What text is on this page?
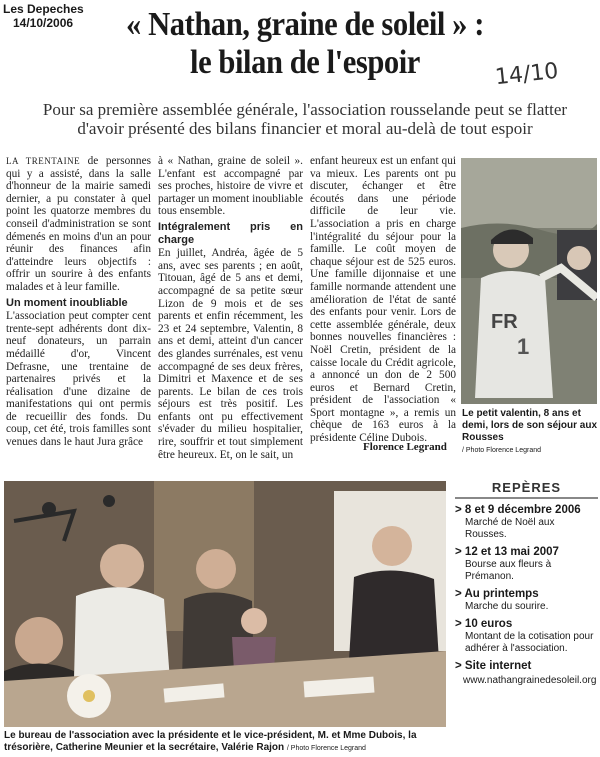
Les Depeches
14/10/2006	« Nathan, graine de soleil » :
le bilan de l'espoir	14/10
Pour sa première assemblée générale, l'association rousselande peut se flatter d'avoir présenté des bilans financier et moral au-delà de tout espoir

LA TRENTAINE de personnes qui y a assisté, dans la salle d'honneur de la mairie samedi dernier, a pu constater à quel point les quatorze membres du conseil d'administration se sont démenés en moins d'un an pour réunir des finances afin d'atteindre leurs objectifs : offrir un sourire à des enfants malades et à leur famille.

Un moment inoubliable

L'association peut compter cent trente-sept adhérents dont dix-neuf donateurs, un parrain médaillé d'or, Vincent Defrasne, une trentaine de partenaires privés et la réalisation d'une dizaine de manifestations qui ont permis de recueillir des fonds. Du coup, cet été, trois familles sont venues dans le haut Jura grâce

à « Nathan, graine de soleil ». L'enfant est accompagné par ses proches, histoire de vivre et partager un moment inoubliable tous ensemble.

Intégralement pris en charge

En juillet, Andréa, âgée de 5 ans, avec ses parents ; en août, Titouan, âgé de 5 ans et demi, accompagné de sa petite sœur Lizon de 9 mois et de ses parents et enfin récemment, les 23 et 24 septembre, Valentin, 8 ans et demi, atteint d'un cancer des glandes surrénales, est venu accompagné de ses deux frères, Dimitri et Maxence et de ses parents. Le bilan de ces trois séjours est très positif. Les enfants ont pu effectivement s'évader du milieu hospitalier, rire, souffrir et tout simplement être heureux. Et, on le sait, un

enfant heureux est un enfant qui va mieux. Les parents ont pu discuter, échanger et être écoutés dans une période difficile de leur vie. L'association a pris en charge l'intégralité du séjour pour la famille. Le coût moyen de chaque séjour est de 525 euros. Une famille dijonnaise et une famille normande attendent une amélioration de l'état de santé des enfants pour venir. Lors de cette assemblée générale, deux bonnes nouvelles financières : Noël Cretin, président de la caisse locale du Crédit agricole, a annoncé un don de 2 500 euros et Bernard Cretin, président de l'association « Sport montagne », a remis un chèque de 163 euros à la présidente Céline Dubois.

Florence Legrand
FR
1
Le petit valentin, 8 ans et demi, lors de son séjour aux Rousses
/ Photo Florence Legrand
Le bureau de l'association avec la présidente et le vice-président, M. et Mme Dubois, la trésorière, Catherine Meunier et la secrétaire, Valérie Rajon / Photo Florence Legrand
REPÈRES
> 8 et 9 décembre 2006
Marché de Noël aux Rousses.
> 12 et 13 mai 2007
Bourse aux fleurs à Prémanon.
> Au printemps
Marche du sourire.
> 10 euros
Montant de la cotisation pour adhérer à l'association.
> Site internet
www.nathangrainedesoleil.org
